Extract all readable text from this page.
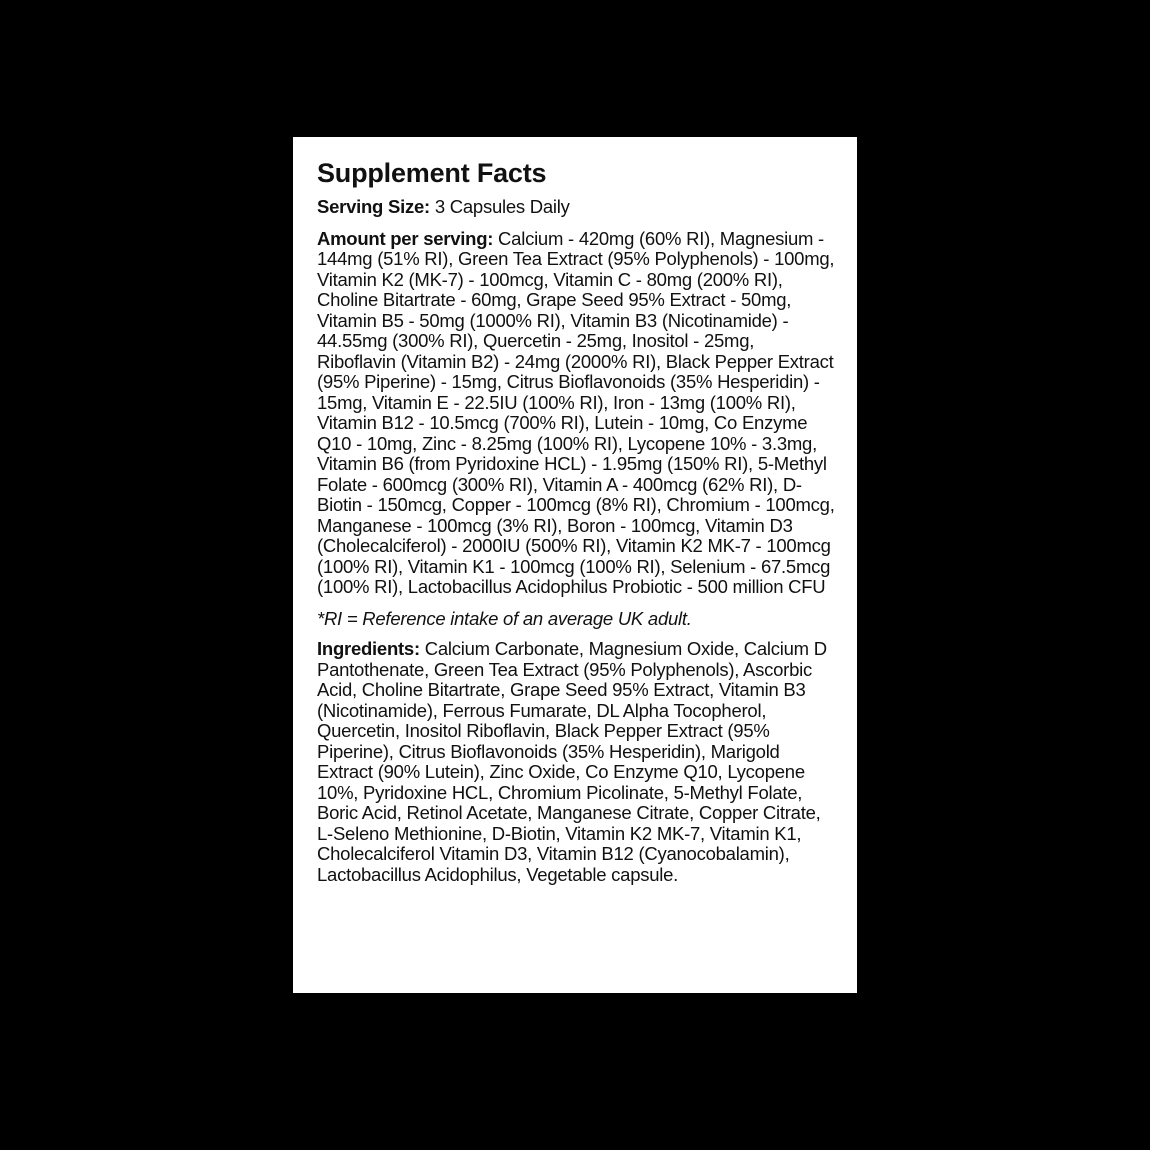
Supplement Facts

Serving Size: 3 Capsules Daily

Amount per serving: Calcium - 420mg (60% RI), Magnesium - 144mg (51% RI), Green Tea Extract (95% Polyphenols) - 100mg, Vitamin K2 (MK-7) - 100mcg, Vitamin C - 80mg (200% RI), Choline Bitartrate - 60mg, Grape Seed 95% Extract - 50mg, Vitamin B5 - 50mg (1000% RI), Vitamin B3 (Nicotinamide) - 44.55mg (300% RI), Quercetin - 25mg, Inositol - 25mg, Riboflavin (Vitamin B2) - 24mg (2000% RI), Black Pepper Extract (95% Piperine) - 15mg, Citrus Bioflavonoids (35% Hesperidin) - 15mg, Vitamin E - 22.5IU (100% RI), Iron - 13mg (100% RI), Vitamin B12 - 10.5mcg (700% RI), Lutein - 10mg, Co Enzyme Q10 - 10mg, Zinc - 8.25mg (100% RI), Lycopene 10% - 3.3mg, Vitamin B6 (from Pyridoxine HCL) - 1.95mg (150% RI), 5-Methyl Folate - 600mcg (300% RI), Vitamin A - 400mcg (62% RI), D-Biotin - 150mcg, Copper - 100mcg (8% RI), Chromium - 100mcg, Manganese - 100mcg (3% RI), Boron - 100mcg, Vitamin D3 (Cholecalciferol) - 2000IU (500% RI), Vitamin K2 MK-7 - 100mcg (100% RI), Vitamin K1 - 100mcg (100% RI), Selenium - 67.5mcg (100% RI), Lactobacillus Acidophilus Probiotic - 500 million CFU

*RI = Reference intake of an average UK adult.

Ingredients: Calcium Carbonate, Magnesium Oxide, Calcium D Pantothenate, Green Tea Extract (95% Polyphenols), Ascorbic Acid, Choline Bitartrate, Grape Seed 95% Extract, Vitamin B3 (Nicotinamide), Ferrous Fumarate, DL Alpha Tocopherol, Quercetin, Inositol Riboflavin, Black Pepper Extract (95% Piperine), Citrus Bioflavonoids (35% Hesperidin), Marigold Extract (90% Lutein), Zinc Oxide, Co Enzyme Q10, Lycopene 10%, Pyridoxine HCL, Chromium Picolinate, 5-Methyl Folate, Boric Acid, Retinol Acetate, Manganese Citrate, Copper Citrate, L-Seleno Methionine, D-Biotin, Vitamin K2 MK-7, Vitamin K1, Cholecalciferol Vitamin D3, Vitamin B12 (Cyanocobalamin), Lactobacillus Acidophilus, Vegetable capsule.
